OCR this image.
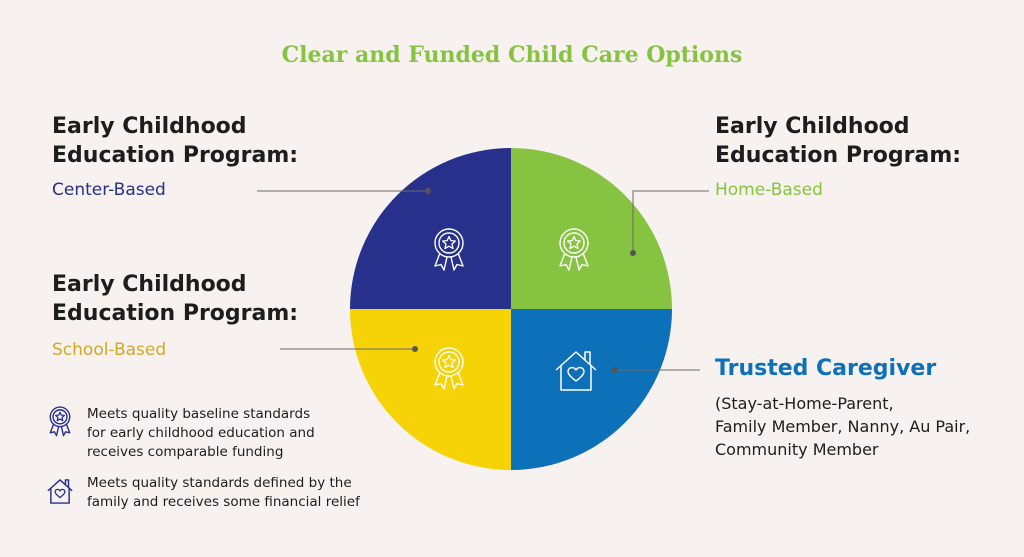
Clear and Funded Child Care Options
Early Childhood
Education Program:
Center-Based
Early Childhood
Education Program:
Home-Based
Early Childhood
Education Program:
School-Based
Trusted Caregiver
(Stay-at-Home-Parent,
Family Member, Nanny, Au Pair,
Community Member
Meets quality baseline standards
for early childhood education and
receives comparable funding
Meets quality standards defined by the
family and receives some financial relief
